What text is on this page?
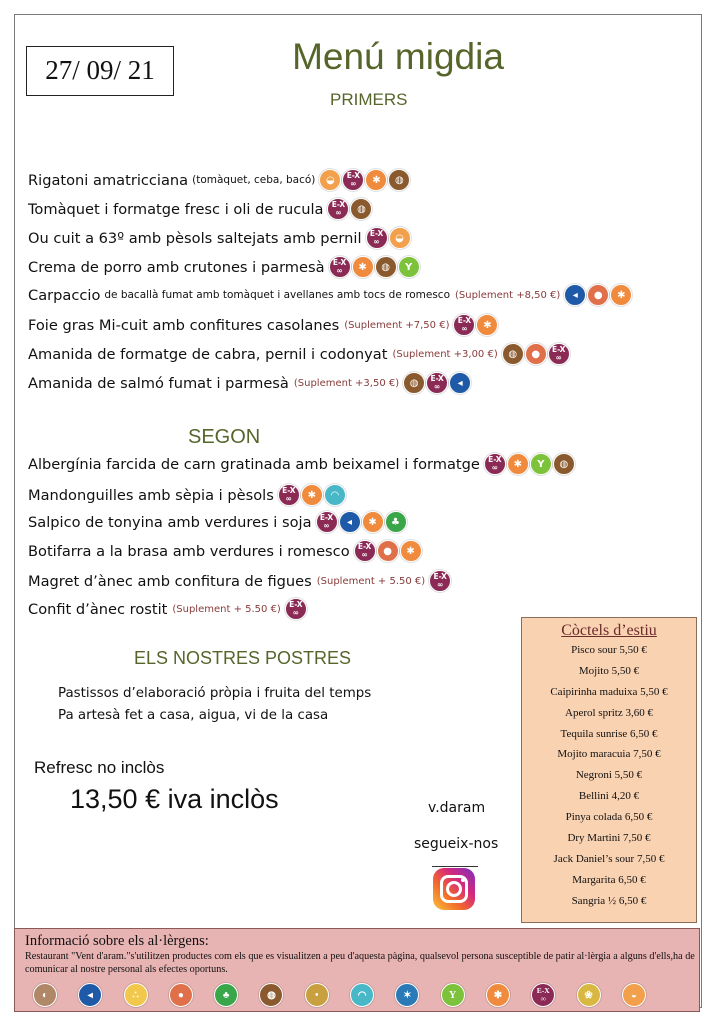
27/ 09/ 21	Menú migdia
PRIMERS
Rigatoni amatricciana (tomàquet, ceba, bacó)	◒	E-X
∞	✱	◍
Tomàquet i formatge fresc i oli de rucula E-X
∞	◍
Ou cuit a 63º amb pèsols saltejats amb pernil E-X
∞	◒
Crema de porro amb crutones i parmesà E-X
∞	✱	◍	Y
Carpaccio de bacallà fumat amb tomàquet i avellanes amb tocs de romesco (Suplement +8,50 €)	◂	●	✱
Foie gras Mi-cuit amb confitures casolanes (Suplement +7,50 €) E-X
∞	✱
Amanida de formatge de cabra, pernil i codonyat (Suplement +3,00 €)	◍	●	E-X
∞
Amanida de salmó fumat i parmesà (Suplement +3,50 €)	◍	E-X
∞	◂
SEGON
Albergínia farcida de carn gratinada amb beixamel i formatge E-X
∞	✱	Y	◍
Mandonguilles amb sèpia i pèsols E-X
∞	✱	◠
Salpico de tonyina amb verdures i soja E-X
∞	◂	✱	♣
Botifarra a la brasa amb verdures i romesco E-X
∞	●	✱
Magret d’ànec amb confitura de figues (Suplement + 5.50 €) E-X
∞
Confit d’ànec rostit (Suplement + 5.50 €) E-X
∞
ELS NOSTRES POSTRES
Pastissos d’elaboració pròpia i fruita del temps
Pa artesà fet a casa, aigua, vi de la casa
Refresc no inclòs
13,50 € iva inclòs	v.daram
segueix-nos
Còctels d’estiu
Pisco sour 5,50 €
Mojito 5,50 €
Caipirinha maduixa 5,50 €
Aperol spritz 3,60 €
Tequila sunrise 6,50 €
Mojito maracuia 7,50 €
Negroni 5,50 €
Bellini 4,20 €
Pinya colada 6,50 €
Dry Martini 7,50 €
Jack Daniel’s sour 7,50 €
Margarita 6,50 €
Sangria ½ 6,50 €
Informació sobre els al·lèrgens:
Restaurant "Vent d'aram."s'utilitzen productes com els que es visualitzen a peu d'aquesta pàgina, qualsevol persona susceptible de patir al·lèrgia a alguns d'ells,ha de comunicar al nostre personal als efectes oportuns.
◐	◂	∴	●	♣	◍	•	◠	✶	Y	✱	E-X
∞	❀	◒
